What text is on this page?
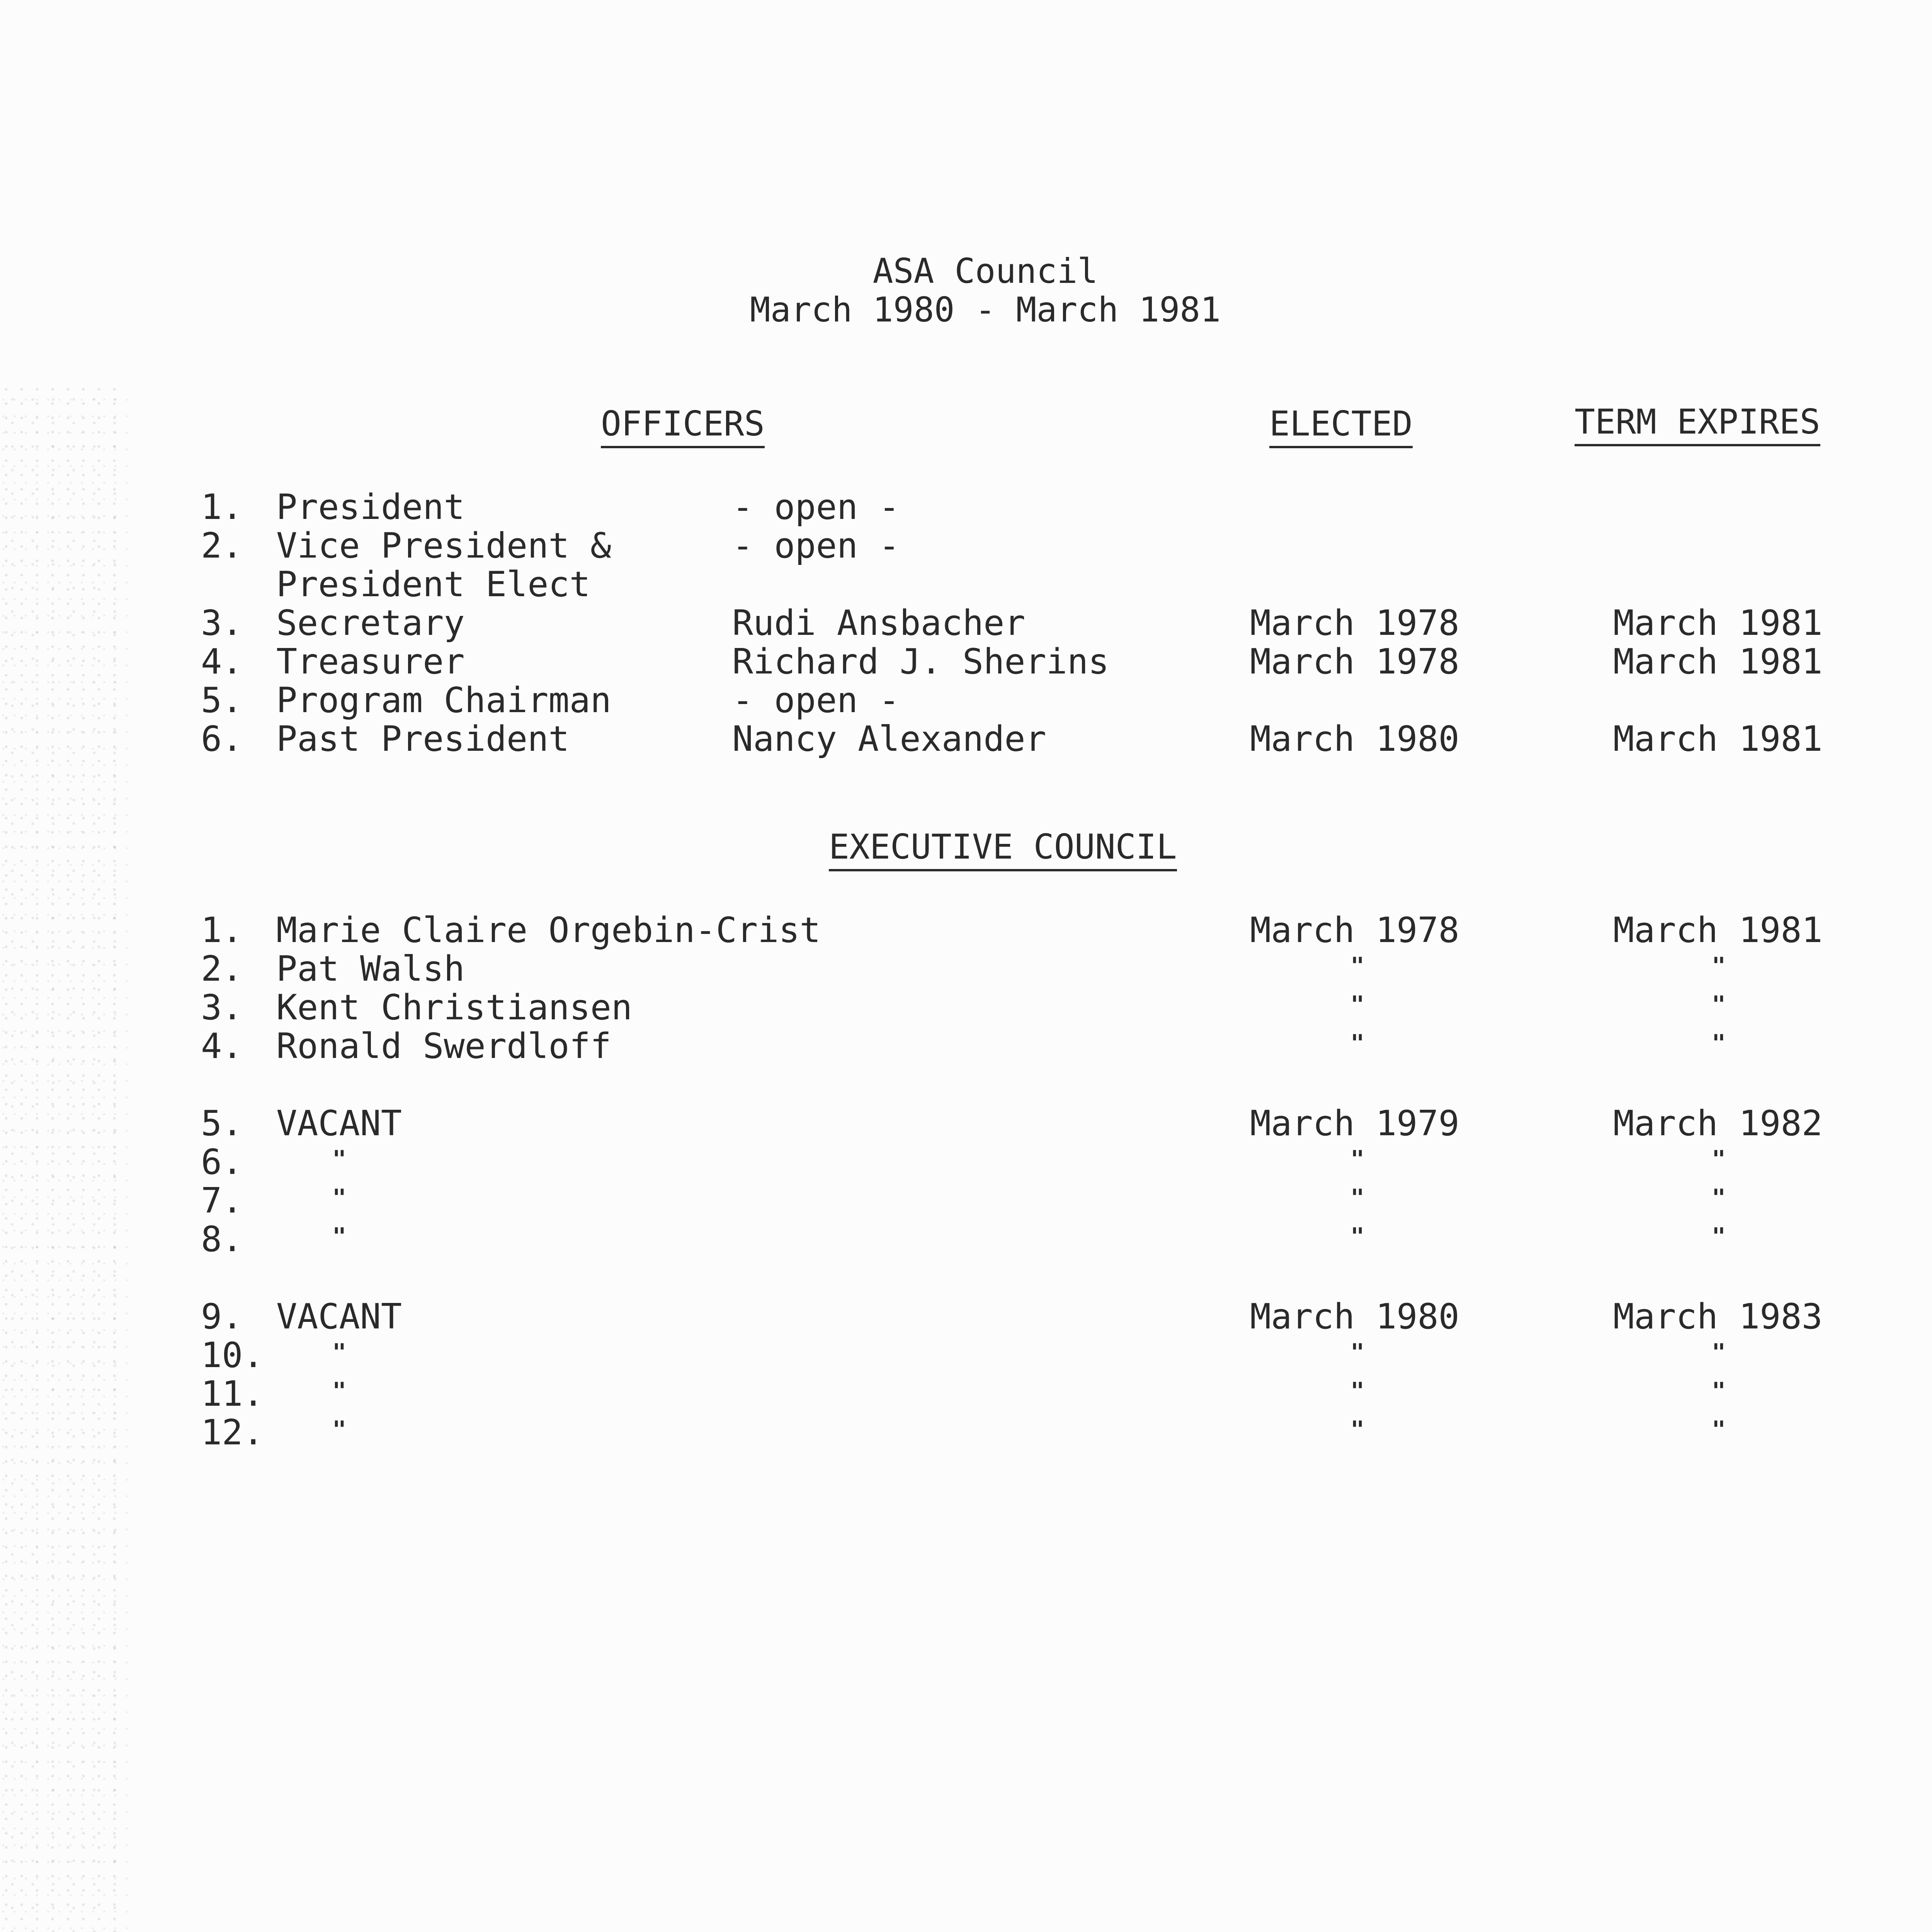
ASA Council
March 1980 - March 1981
OFFICERS	ELECTED	TERM EXPIRES
1. President	- open -
2. Vice President &	- open -
President Elect
3. Secretary	Rudi Ansbacher	March 1978	March 1981
4. Treasurer	Richard J. Sherins	March 1978	March 1981
5. Program Chairman	- open -
6. Past President	Nancy Alexander	March 1980	March 1981
EXECUTIVE COUNCIL
1. Marie Claire Orgebin-Crist	March 1978	March 1981
2. Pat Walsh	"	"
3. Kent Christiansen	"	"
4. Ronald Swerdloff	"	"
5. VACANT	March 1979	March 1982
6.	"	"	"
7.	"	"	"
8.	"	"	"
9. VACANT	March 1980	March 1983
10.	"	"	"
11.	"	"	"
12.	"	"	"
